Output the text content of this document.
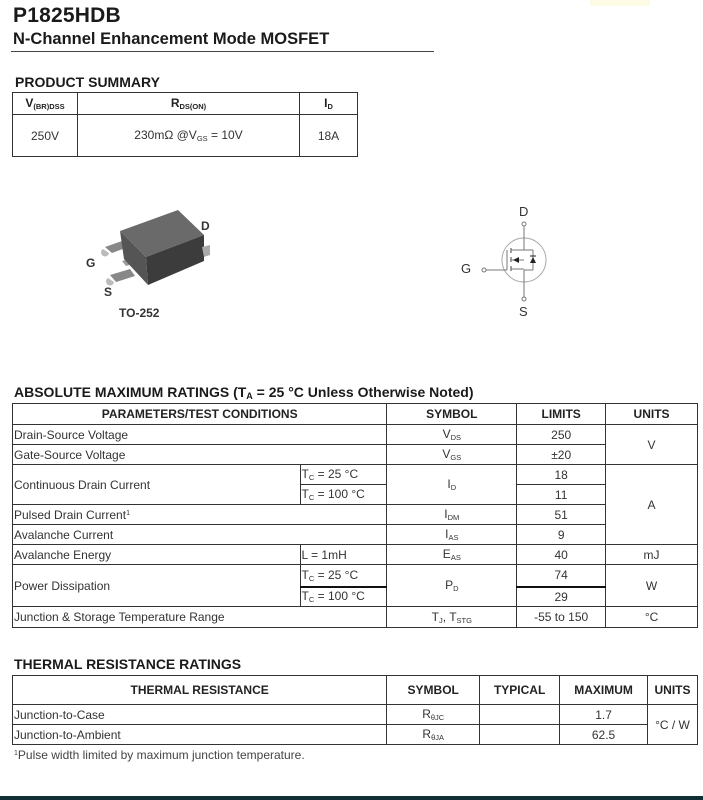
P1825HDB
N-Channel Enhancement Mode MOSFET
PRODUCT SUMMARY
$V_{(BR)DSS}$	$R_{DS(ON)}$	$I_D$
250V	230mΩ $@V_{GS} = 10V$	18A
D
G
S
TO-252
D
G
S
ABSOLUTE MAXIMUM RATINGS ($T_A = 25$ °C Unless Otherwise Noted)
PARAMETERS/TEST CONDITIONS		SYMBOL	LIMITS	UNITS
Drain-Source Voltage		$V_{DS}$	250	V
Gate-Source Voltage		$V_{GS}$	±20	
Continuous Drain Current	$T_C = 25$ °C	$I_D$	18	A
	$T_C = 100$ °C		11	
Pulsed Drain Current$^1$		$I_{DM}$	51	
Avalanche Current		$I_{AS}$	9	
Avalanche Energy	L = 1mH	$E_{AS}$	40	mJ
Power Dissipation	$T_C = 25$ °C	$P_D$	74	W
	$T_C = 100$ °C		29	
Junction & Storage Temperature Range		$T_J$, $T_{STG}$	-55 to 150	°C
THERMAL RESISTANCE RATINGS
THERMAL RESISTANCE	SYMBOL	TYPICAL	MAXIMUM	UNITS
Junction-to-Case	$R_{\theta JC}$		1.7	°C / W
Junction-to-Ambient	$R_{\theta JA}$		62.5	
$^1$Pulse width limited by maximum junction temperature.
